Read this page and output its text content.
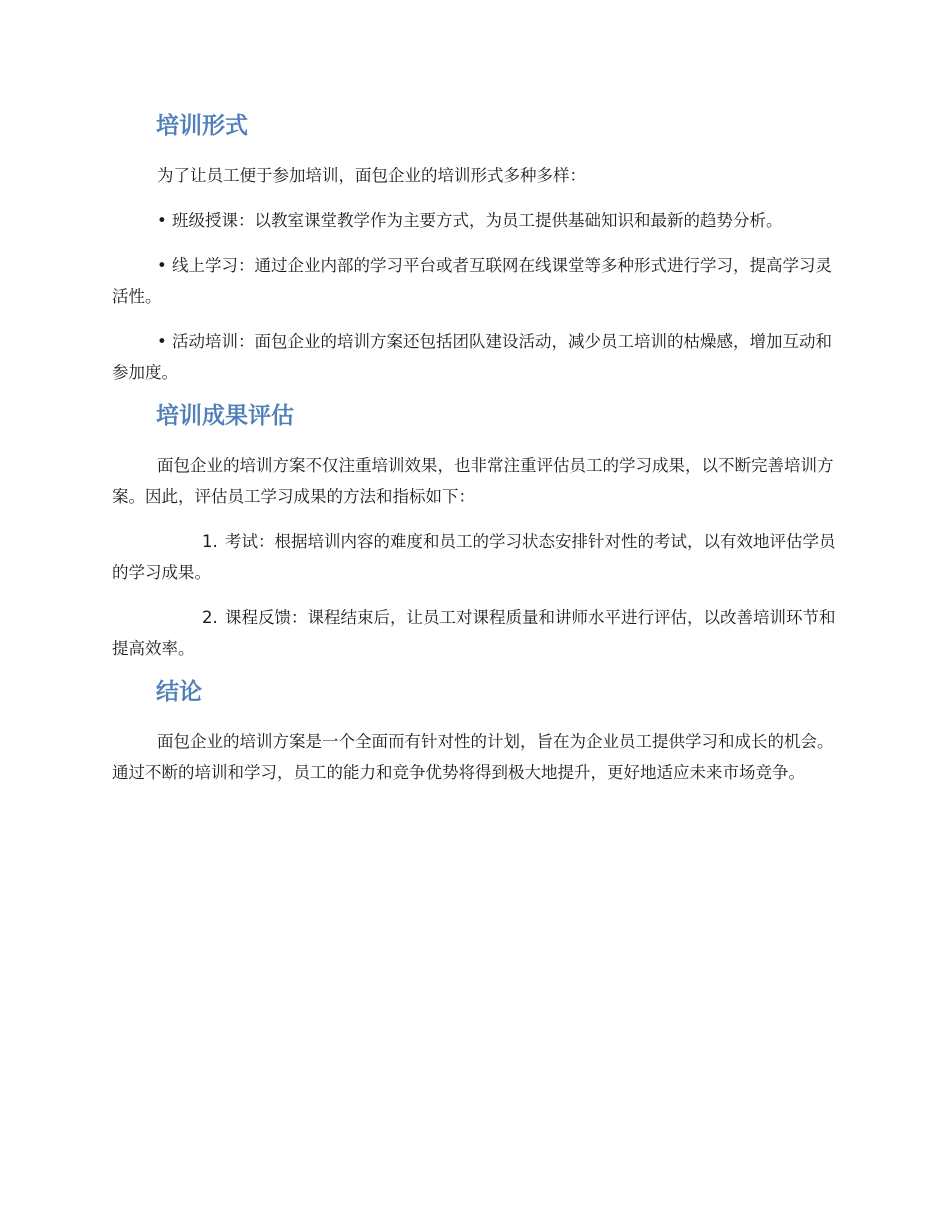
培训形式

为了让员工便于参加培训，面包企业的培训形式多种多样：

• 班级授课：以教室课堂教学作为主要方式，为员工提供基础知识和最新的趋势分析。

• 线上学习：通过企业内部的学习平台或者互联网在线课堂等多种形式进行学习，提高学习灵活性。

• 活动培训：面包企业的培训方案还包括团队建设活动，减少员工培训的枯燥感，增加互动和参加度。

培训成果评估

面包企业的培训方案不仅注重培训效果，也非常注重评估员工的学习成果，以不断完善培训方案。因此，评估员工学习成果的方法和指标如下：

1. 考试：根据培训内容的难度和员工的学习状态安排针对性的考试，以有效地评估学员的学习成果。

2. 课程反馈：课程结束后，让员工对课程质量和讲师水平进行评估，以改善培训环节和提高效率。

结论

面包企业的培训方案是一个全面而有针对性的计划，旨在为企业员工提供学习和成长的机会。通过不断的培训和学习，员工的能力和竞争优势将得到极大地提升，更好地适应未来市场竞争。
